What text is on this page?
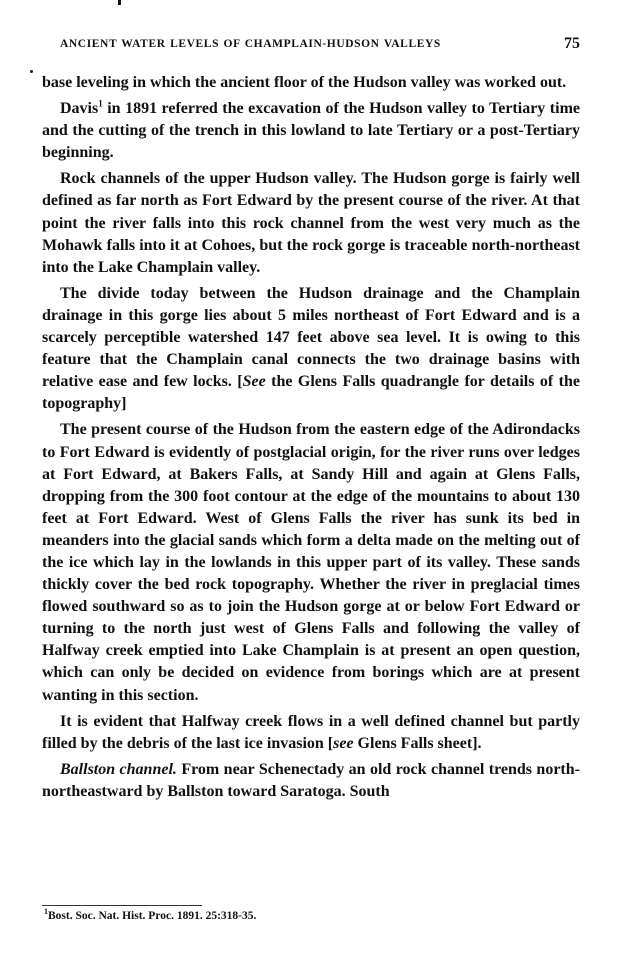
ANCIENT WATER LEVELS OF CHAMPLAIN-HUDSON VALLEYS	75

base leveling in which the ancient floor of the Hudson valley was worked out.

Davis$^1$ in 1891 referred the excavation of the Hudson valley to Tertiary time and the cutting of the trench in this lowland to late Tertiary or a post-Tertiary beginning.

Rock channels of the upper Hudson valley. The Hudson gorge is fairly well defined as far north as Fort Edward by the present course of the river. At that point the river falls into this rock channel from the west very much as the Mohawk falls into it at Cohoes, but the rock gorge is traceable north-northeast into the Lake Champlain valley.

The divide today between the Hudson drainage and the Champlain drainage in this gorge lies about 5 miles northeast of Fort Edward and is a scarcely perceptible watershed 147 feet above sea level. It is owing to this feature that the Champlain canal connects the two drainage basins with relative ease and few locks. [See the Glens Falls quadrangle for details of the topography]

The present course of the Hudson from the eastern edge of the Adirondacks to Fort Edward is evidently of postglacial origin, for the river runs over ledges at Fort Edward, at Bakers Falls, at Sandy Hill and again at Glens Falls, dropping from the 300 foot contour at the edge of the mountains to about 130 feet at Fort Edward. West of Glens Falls the river has sunk its bed in meanders into the glacial sands which form a delta made on the melting out of the ice which lay in the lowlands in this upper part of its valley. These sands thickly cover the bed rock topography. Whether the river in preglacial times flowed southward so as to join the Hudson gorge at or below Fort Edward or turning to the north just west of Glens Falls and following the valley of Halfway creek emptied into Lake Champlain is at present an open question, which can only be decided on evidence from borings which are at present wanting in this section.

It is evident that Halfway creek flows in a well defined channel but partly filled by the debris of the last ice invasion [see Glens Falls sheet].

Ballston channel. From near Schenectady an old rock channel trends north-northeastward by Ballston toward Saratoga. South

$^1$Bost. Soc. Nat. Hist. Proc. 1891. 25:318-35.
